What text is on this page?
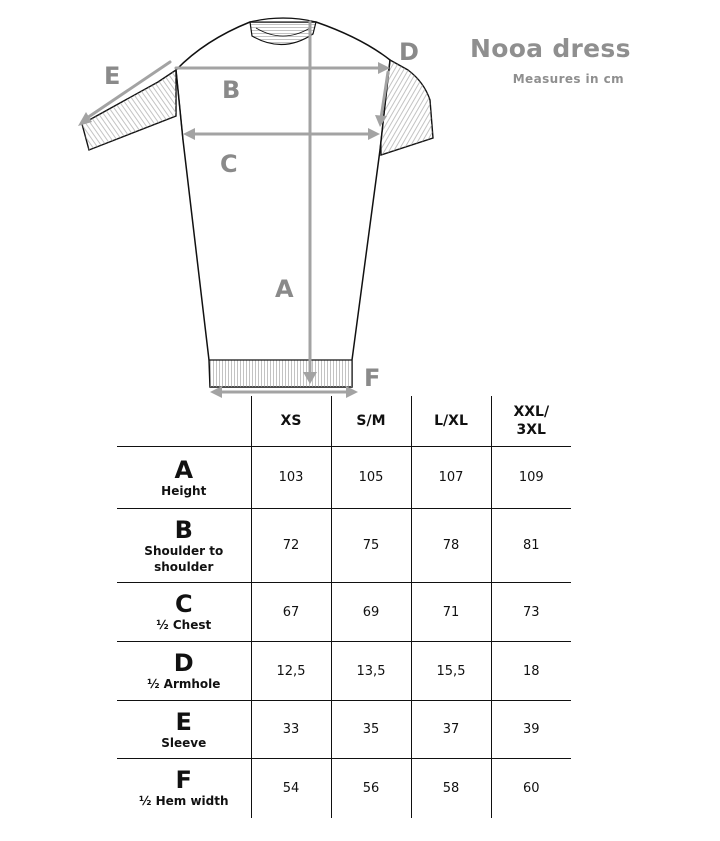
E	B
C
D
A
F
Nooa dress
Measures in cm
	XS	S/M	L/XL	XXL/
3XL

A
Height	103	105	107	109

B
Shoulder to
shoulder	72	75	78	81

C
½ Chest	67	69	71	73

D
½ Armhole	12,5	13,5	15,5	18

E
Sleeve	33	35	37	39

F
½ Hem width	54	56	58	60
